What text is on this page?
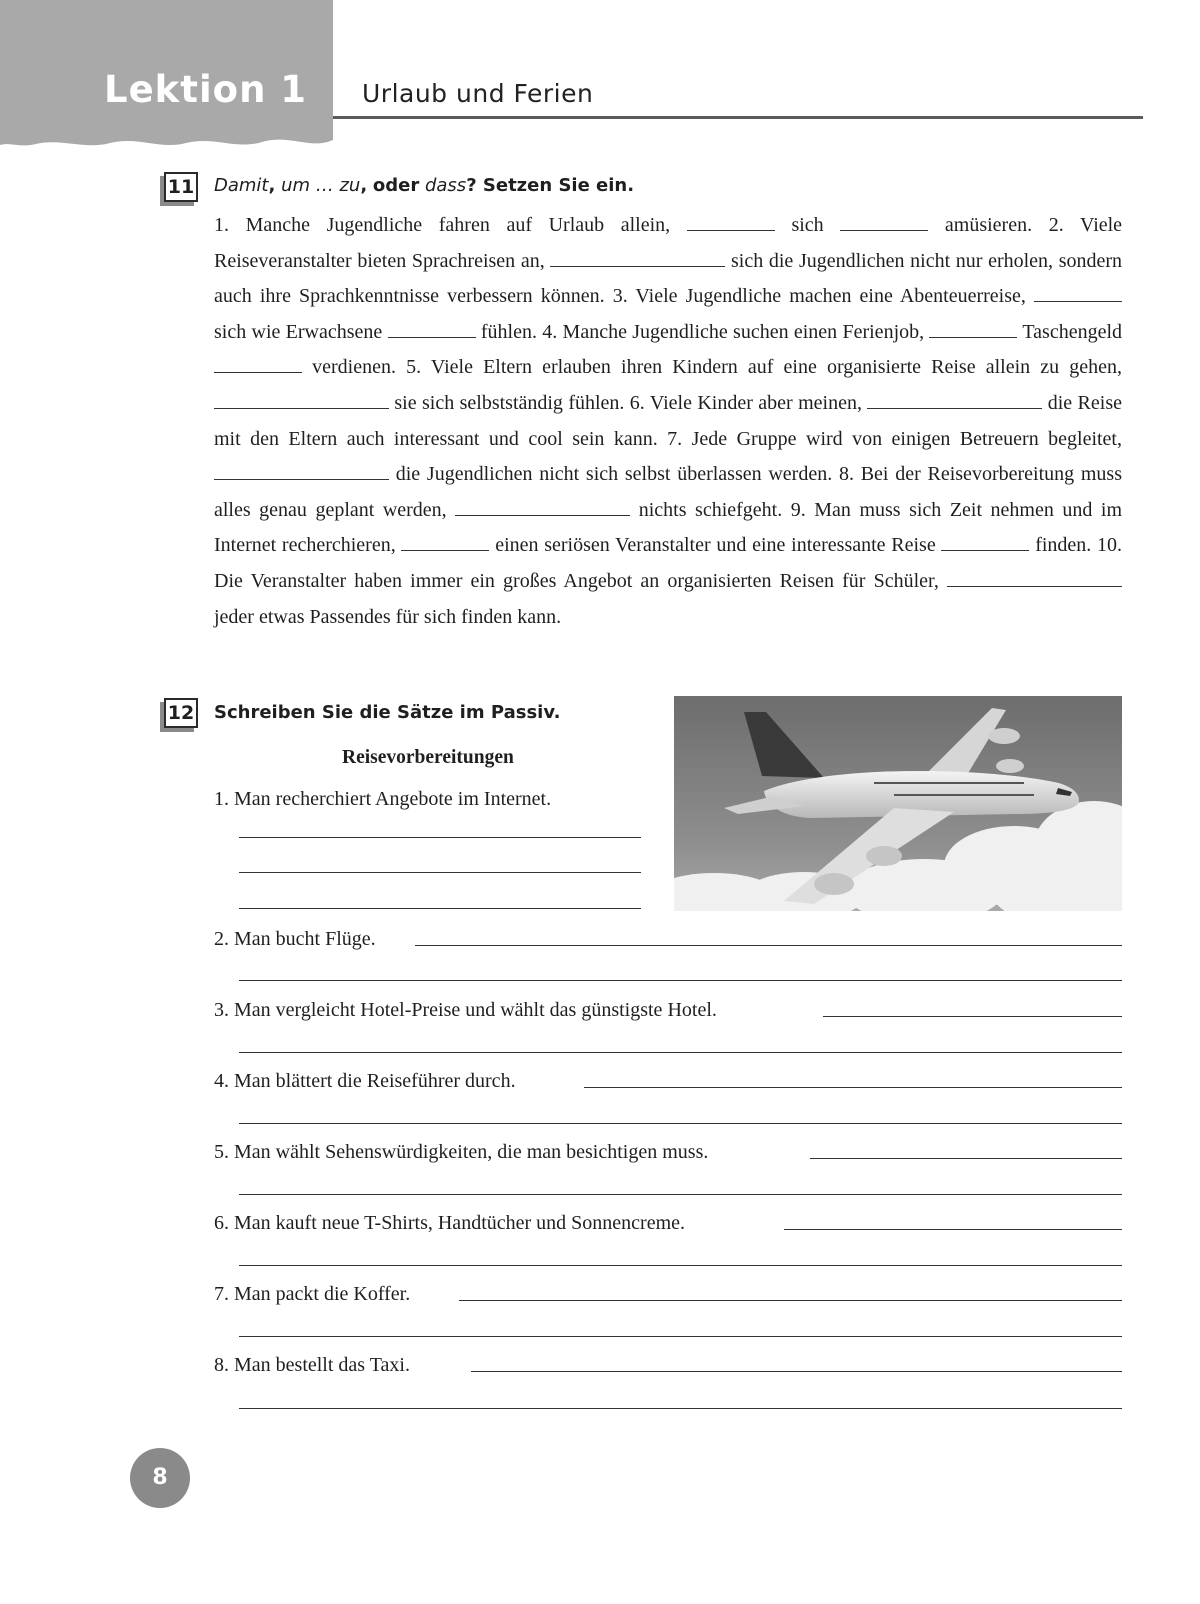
Lektion 1 Urlaub und Ferien
11 Damit, um … zu, oder dass? Setzen Sie ein.
1. Manche Jugendliche fahren auf Urlaub allein,	sich	amüsieren. 2. Viele Reiseveranstalter bieten Sprachreisen an,	sich die Jugendlichen nicht nur erholen, sondern auch ihre Sprachkenntnisse verbessern können. 3. Viele Jugendliche machen eine Abenteuerreise,  sich wie Erwachsene	fühlen. 4. Manche Jugendliche suchen einen Ferienjob,	Taschengeld  verdienen. 5. Viele Eltern erlauben ihren Kindern auf eine organisierte Reise allein zu gehen,  sie sich selbstständig fühlen. 6. Viele Kinder aber meinen,	die Reise mit den Eltern auch interessant und cool sein kann. 7. Jede Gruppe wird von einigen Betreuern begleitet,  die Jugendlichen nicht sich selbst überlassen werden. 8. Bei der Reisevorbereitung muss alles genau geplant werden,	nichts schiefgeht. 9. Man muss sich Zeit nehmen und im Internet recherchieren,	einen seriösen Veranstalter und eine interessante Reise	finden. 10. Die Veranstalter haben immer ein großes Angebot an organisierten Reisen für Schüler,  jeder etwas Passendes für sich finden kann.
12 Schreiben Sie die Sätze im Passiv.
Reisevorbereitungen
1. Man recherchiert Angebote im Internet.
2. Man bucht Flüge.
3. Man vergleicht Hotel-Preise und wählt das günstigste Hotel.
4. Man blättert die Reiseführer durch.
5. Man wählt Sehenswürdigkeiten, die man besichtigen muss.
6. Man kauft neue T-Shirts, Handtücher und Sonnencreme.
7. Man packt die Koffer.
8. Man bestellt das Taxi.
8
